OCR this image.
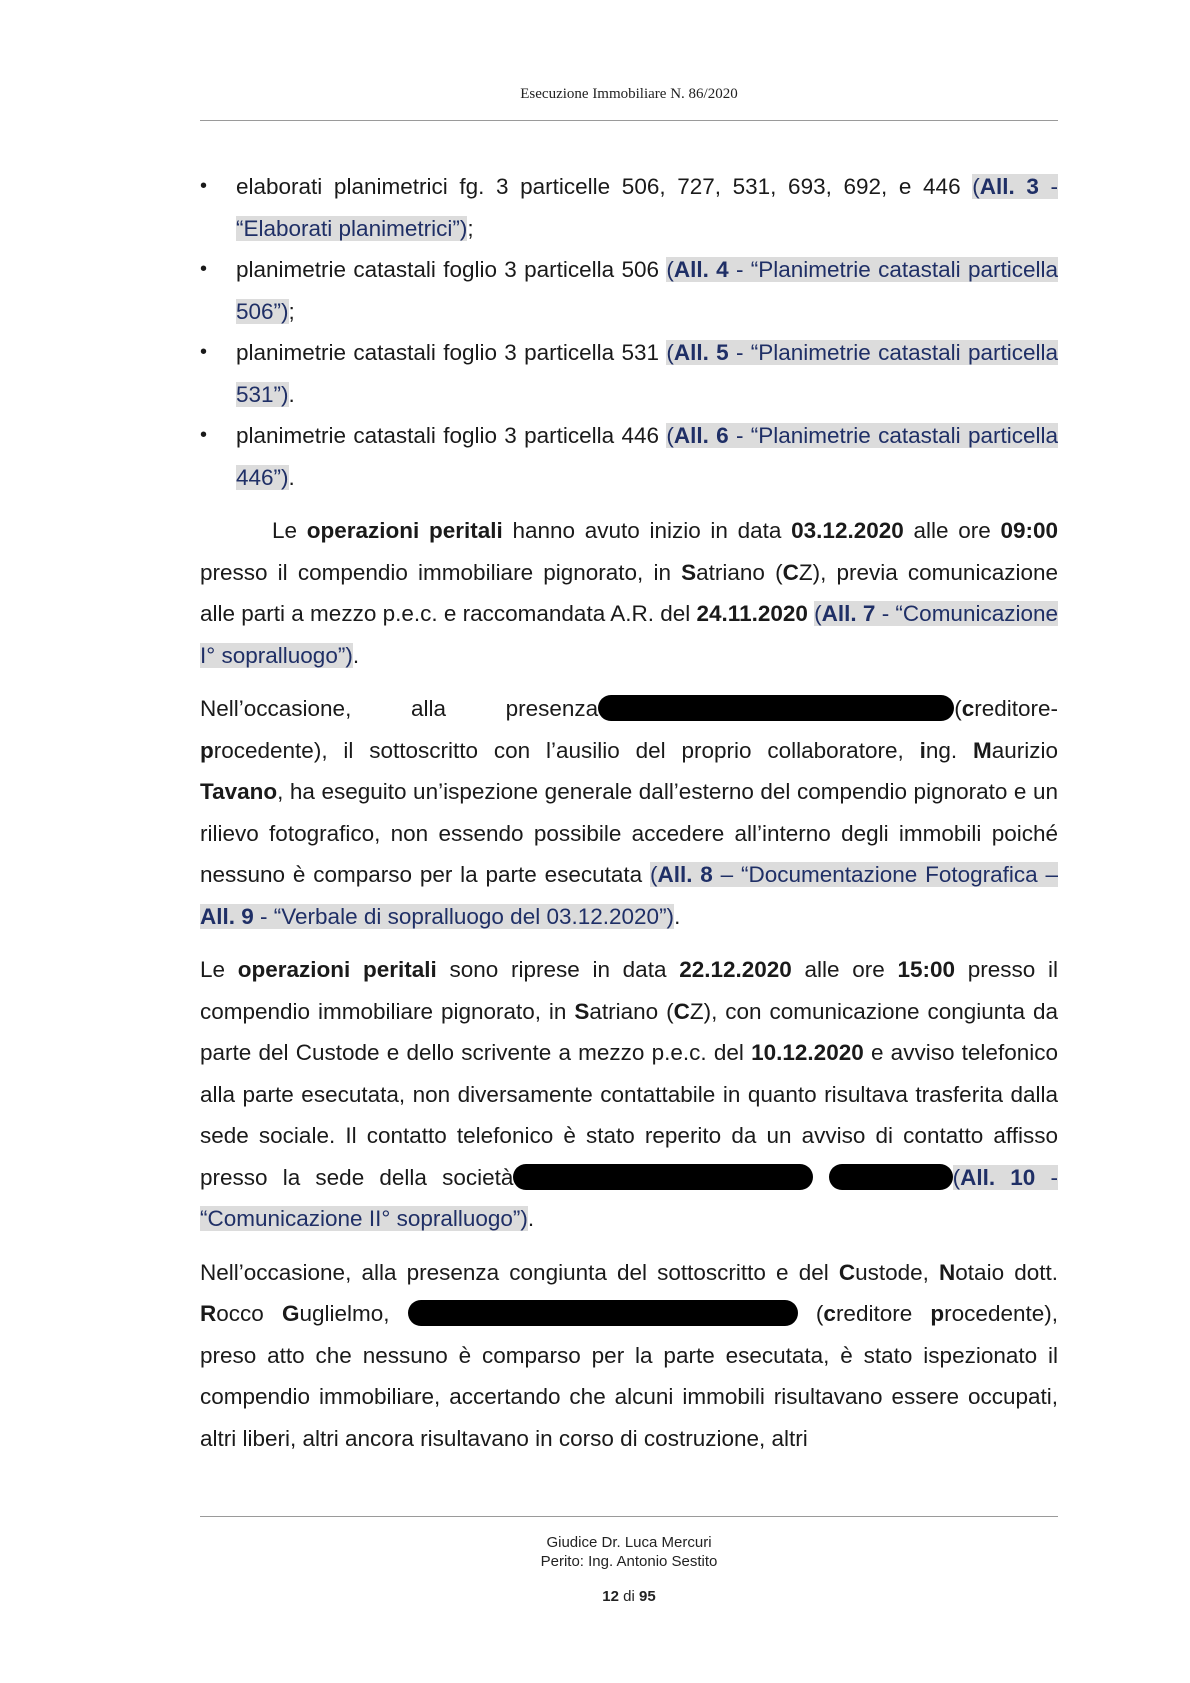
Esecuzione Immobiliare N. 86/2020
• elaborati planimetrici fg. 3 particelle 506, 727, 531, 693, 692, e 446 (All. 3 - “Elaborati planimetrici”);
• planimetrie catastali foglio 3 particella 506 (All. 4 - “Planimetrie catastali particella 506”);
• planimetrie catastali foglio 3 particella 531 (All. 5 - “Planimetrie catastali particella 531”).
• planimetrie catastali foglio 3 particella 446 (All. 6 - “Planimetrie catastali particella 446”).

Le operazioni peritali hanno avuto inizio in data 03.12.2020 alle ore 09:00 presso il compendio immobiliare pignorato, in Satriano (CZ), previa comunicazione alle parti a mezzo p.e.c. e raccomandata A.R. del 24.11.2020 (All. 7 - “Comunicazione I° sopralluogo”).

Nell’occasione, alla presenza	(creditore- procedente), il sottoscritto con l’ausilio del proprio collaboratore, ing. Maurizio Tavano, ha eseguito un’ispezione generale dall’esterno del compendio pignorato e un rilievo fotografico, non essendo possibile accedere all’interno degli immobili poiché nessuno è comparso per la parte esecutata (All. 8 – “Documentazione Fotografica – All. 9 - “Verbale di sopralluogo del 03.12.2020”).

Le operazioni peritali sono riprese in data 22.12.2020 alle ore 15:00 presso il compendio immobiliare pignorato, in Satriano (CZ), con comunicazione congiunta da parte del Custode e dello scrivente a mezzo p.e.c. del 10.12.2020 e avviso telefonico alla parte esecutata, non diversamente contattabile in quanto risultava trasferita dalla sede sociale. Il contatto telefonico è stato reperito da un avviso di contatto affisso presso la sede della società	(All. 10 - “Comunicazione II° sopralluogo”).

Nell’occasione, alla presenza congiunta del sottoscritto e del Custode, Notaio dott. Rocco Guglielmo,	(creditore procedente), preso atto che nessuno è comparso per la parte esecutata, è stato ispezionato il compendio immobiliare, accertando che alcuni immobili risultavano essere occupati, altri liberi, altri ancora risultavano in corso di costruzione, altri

Giudice Dr. Luca Mercuri
Perito: Ing. Antonio Sestito
12 di 95
